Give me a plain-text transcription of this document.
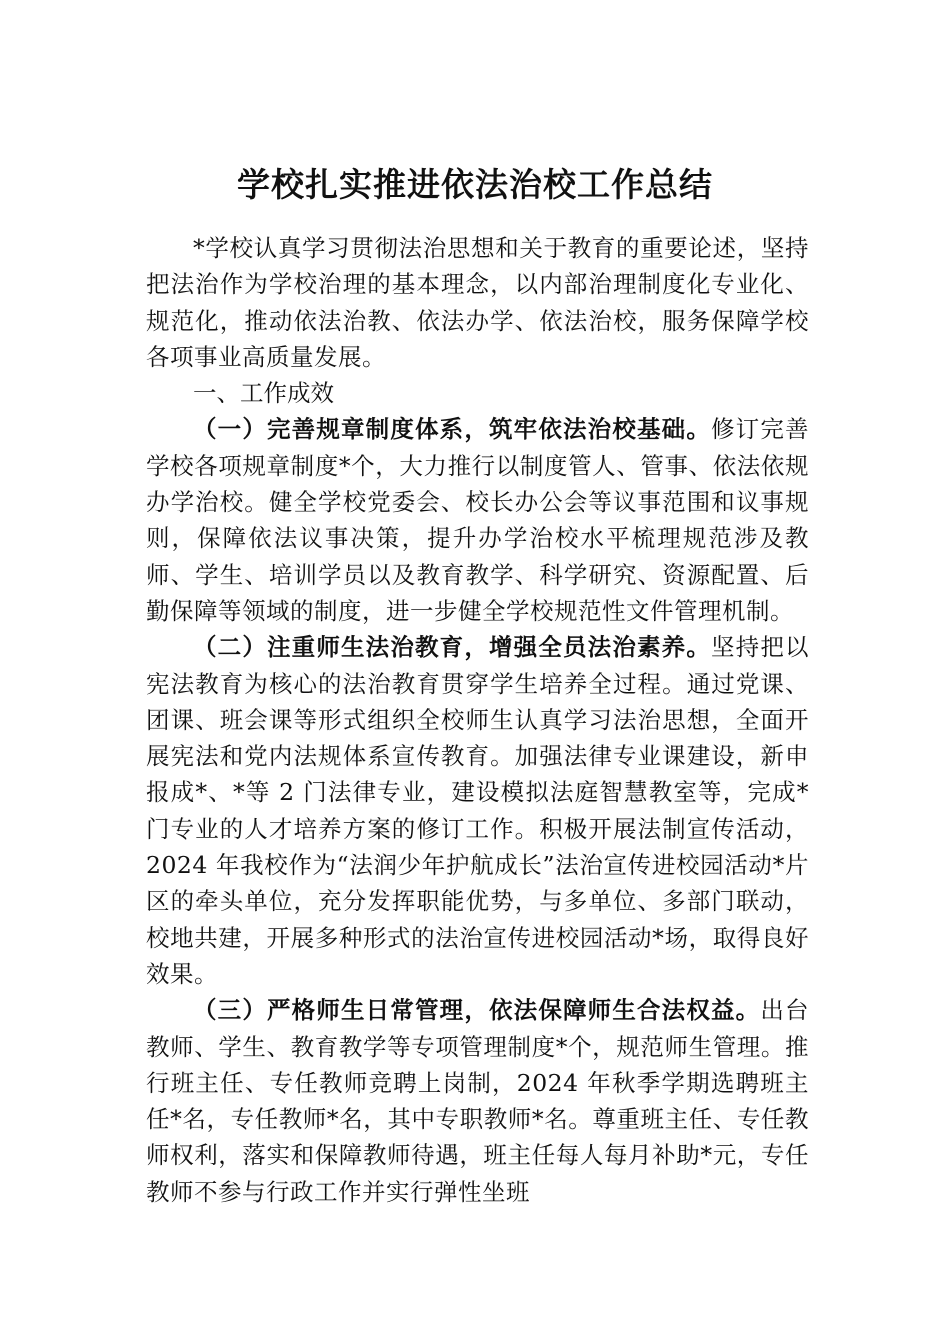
学校扎实推进依法治校工作总结

*学校认真学习贯彻法治思想和关于教育的重要论述，坚持把法治作为学校治理的基本理念，以内部治理制度化专业化、规范化，推动依法治教、依法办学、依法治校，服务保障学校各项事业高质量发展。

一、工作成效

（一）完善规章制度体系，筑牢依法治校基础。修订完善学校各项规章制度*个，大力推行以制度管人、管事、依法依规办学治校。健全学校党委会、校长办公会等议事范围和议事规则，保障依法议事决策，提升办学治校水平梳理规范涉及教师、学生、培训学员以及教育教学、科学研究、资源配置、后勤保障等领域的制度，进一步健全学校规范性文件管理机制。

（二）注重师生法治教育，增强全员法治素养。坚持把以宪法教育为核心的法治教育贯穿学生培养全过程。通过党课、团课、班会课等形式组织全校师生认真学习法治思想，全面开展宪法和党内法规体系宣传教育。加强法律专业课建设，新申报成*、*等 2 门法律专业，建设模拟法庭智慧教室等，完成*门专业的人才培养方案的修订工作。积极开展法制宣传活动，2024 年我校作为“法润少年护航成长”法治宣传进校园活动*片区的牵头单位，充分发挥职能优势，与多单位、多部门联动，校地共建，开展多种形式的法治宣传进校园活动*场，取得良好效果。

（三）严格师生日常管理，依法保障师生合法权益。出台教师、学生、教育教学等专项管理制度*个，规范师生管理。推行班主任、专任教师竞聘上岗制，2024 年秋季学期选聘班主任*名，专任教师*名，其中专职教师*名。尊重班主任、专任教师权利，落实和保障教师待遇，班主任每人每月补助*元，专任教师不参与行政工作并实行弹性坐班
